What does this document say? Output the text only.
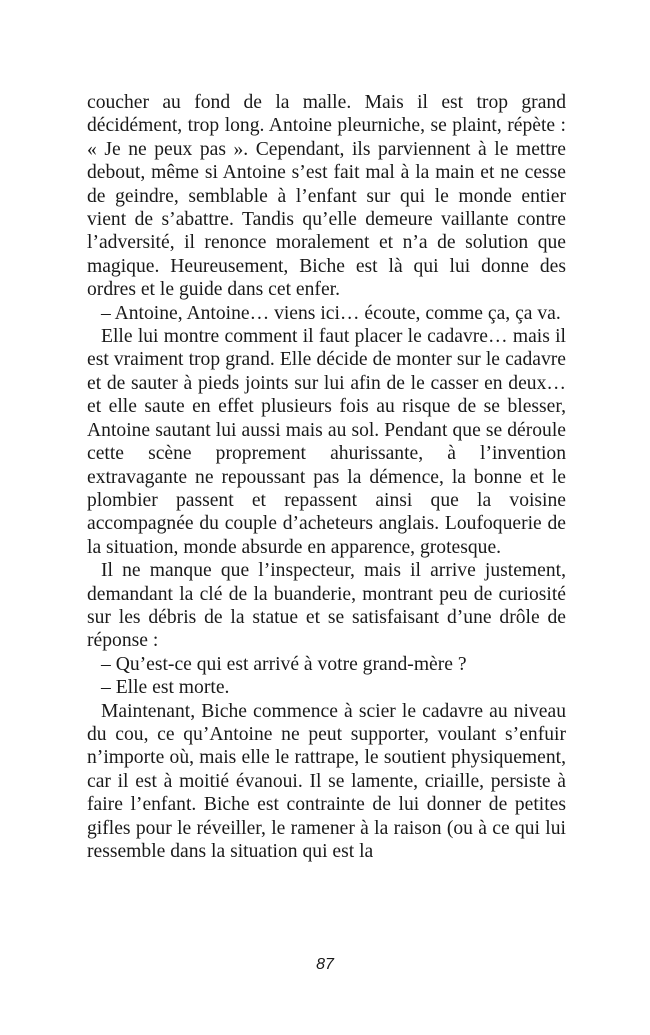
coucher au fond de la malle. Mais il est trop grand décidément, trop long. Antoine pleurniche, se plaint, répète : « Je ne peux pas ». Cependant, ils parviennent à le mettre debout, même si Antoine s’est fait mal à la main et ne cesse de geindre, semblable à l’enfant sur qui le monde entier vient de s’abattre. Tandis qu’elle demeure vaillante contre l’adversité, il renonce moralement et n’a de solution que magique. Heureusement, Biche est là qui lui donne des ordres et le guide dans cet enfer.

– Antoine, Antoine… viens ici… écoute, comme ça, ça va.

Elle lui montre comment il faut placer le cadavre… mais il est vraiment trop grand. Elle décide de monter sur le cadavre et de sauter à pieds joints sur lui afin de le casser en deux… et elle saute en effet plusieurs fois au risque de se blesser, Antoine sautant lui aussi mais au sol. Pendant que se déroule cette scène proprement ahurissante, à l’invention extravagante ne repoussant pas la démence, la bonne et le plombier passent et repassent ainsi que la voisine accompagnée du couple d’acheteurs anglais. Loufoquerie de la situation, monde absurde en apparence, grotesque.

Il ne manque que l’inspecteur, mais il arrive justement, demandant la clé de la buanderie, montrant peu de curiosité sur les débris de la statue et se satisfaisant d’une drôle de réponse :

– Qu’est-ce qui est arrivé à votre grand-mère ?

– Elle est morte.

Maintenant, Biche commence à scier le cadavre au niveau du cou, ce qu’Antoine ne peut supporter, voulant s’enfuir n’importe où, mais elle le rattrape, le soutient physiquement, car il est à moitié évanoui. Il se lamente, criaille, persiste à faire l’enfant. Biche est contrainte de lui donner de petites gifles pour le réveiller, le ramener à la raison (ou à ce qui lui ressemble dans la situation qui est la

87
